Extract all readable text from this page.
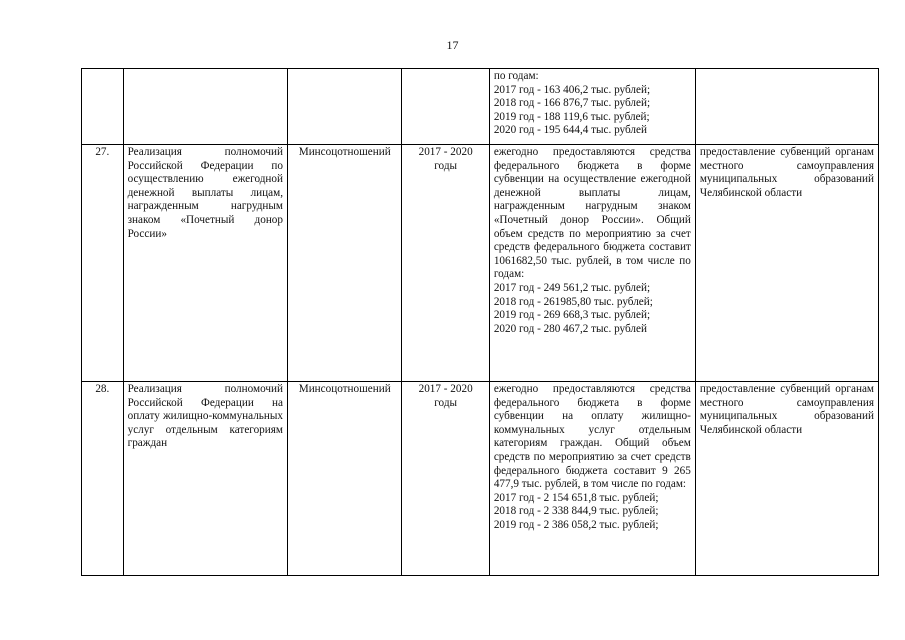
17

				по годам:
2017 год - 163 406,2 тыс. рублей;
2018 год - 166 876,7 тыс. рублей;
2019 год - 188 119,6 тыс. рублей;
2020 год - 195 644,4 тыс. рублей	

27.	Реализация полномочий Российской Федерации по осуществлению ежегодной денежной выплаты лицам, награжденным нагрудным знаком «Почетный донор России»	Минсоцотношений	2017 - 2020 годы	ежегодно предоставляются средства федерального бюджета в форме субвенции на осуществление ежегодной денежной выплаты лицам, награжденным нагрудным знаком «Почетный донор России». Общий объем средств по мероприятию за счет средств федерального бюджета составит 1061682,50 тыс. рублей, в том числе по годам:
2017 год - 249 561,2 тыс. рублей;
2018 год - 261985,80 тыс. рублей;
2019 год - 269 668,3 тыс. рублей;
2020 год - 280 467,2 тыс. рублей	предоставление субвенций органам местного самоуправления муниципальных образований Челябинской области
28.	Реализация полномочий Российской Федерации на оплату жилищно-коммунальных услуг отдельным категориям граждан	Минсоцотношений	2017 - 2020 годы	ежегодно предоставляются средства федерального бюджета в форме субвенции на оплату жилищно-коммунальных услуг отдельным категориям граждан. Общий объем средств по мероприятию за счет средств федерального бюджета составит 9 265 477,9 тыс. рублей, в том числе по годам:
2017 год - 2 154 651,8 тыс. рублей;
2018 год - 2 338 844,9 тыс. рублей;
2019 год - 2 386 058,2 тыс. рублей;	предоставление субвенций органам местного самоуправления муниципальных образований Челябинской области
